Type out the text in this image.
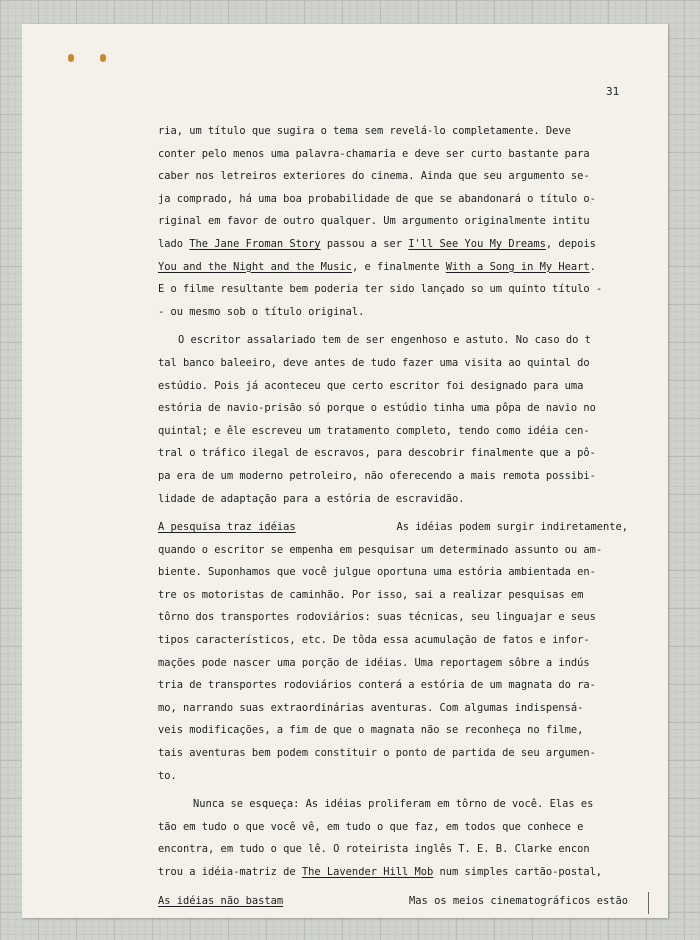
31
ria, um título que sugira o tema sem revelá-lo completamente. Deve
conter pelo menos uma palavra-chamaria e deve ser curto bastante para
caber nos letreiros exteriores do cinema. Ainda que seu argumento se-
ja comprado, há uma boa probabilidade de que se abandonará o título o-
riginal em favor de outro qualquer. Um argumento originalmente intitu
lado The Jane Froman Story passou a ser I'll See You My Dreams, depois
You and the Night and the Music, e finalmente With a Song in My Heart.
E o filme resultante bem poderia ter sido lançado so um quinto título -
- ou mesmo sob o título original.
O escritor assalariado tem de ser engenhoso e astuto. No caso do t
tal banco baleeiro, deve antes de tudo fazer uma visita ao quintal do
estúdio. Pois já aconteceu que certo escritor foi designado para uma
estória de navio-prisão só porque o estúdio tinha uma pôpa de navio no
quintal; e êle escreveu um tratamento completo, tendo como idéia cen-
tral o tráfico ilegal de escravos, para descobrir finalmente que a pô-
pa era de um moderno petroleiro, não oferecendo a mais remota possibi-
lidade de adaptação para a estória de escravidão.
A pesquisa traz idéias	As idéias podem surgir indiretamente,
quando o escritor se empenha em pesquisar um determinado assunto ou am-
biente. Suponhamos que você julgue oportuna uma estória ambientada en-
tre os motoristas de caminhão. Por isso, sai a realizar pesquisas em
tôrno dos transportes rodoviários: suas técnicas, seu linguajar e seus
tipos característicos, etc. De tôda essa acumulação de fatos e infor-
mações pode nascer uma porção de idéias. Uma reportagem sôbre a indús
tria de transportes rodoviários conterá a estória de um magnata do ra-
mo, narrando suas extraordinárias aventuras. Com algumas indispensá-
veis modificações, a fim de que o magnata não se reconheça no filme,
tais aventuras bem podem constituir o ponto de partida de seu argumen-
to.
Nunca se esqueça: As idéias proliferam em tôrno de você. Elas es
tão em tudo o que você vê, em tudo o que faz, em todos que conhece e
encontra, em tudo o que lê. O roteirista inglês T. E. B. Clarke encon
trou a idéia-matriz de The Lavender Hill Mob num simples cartão-postal,
As idéias não bastam	Mas os meios cinematográficos estão
